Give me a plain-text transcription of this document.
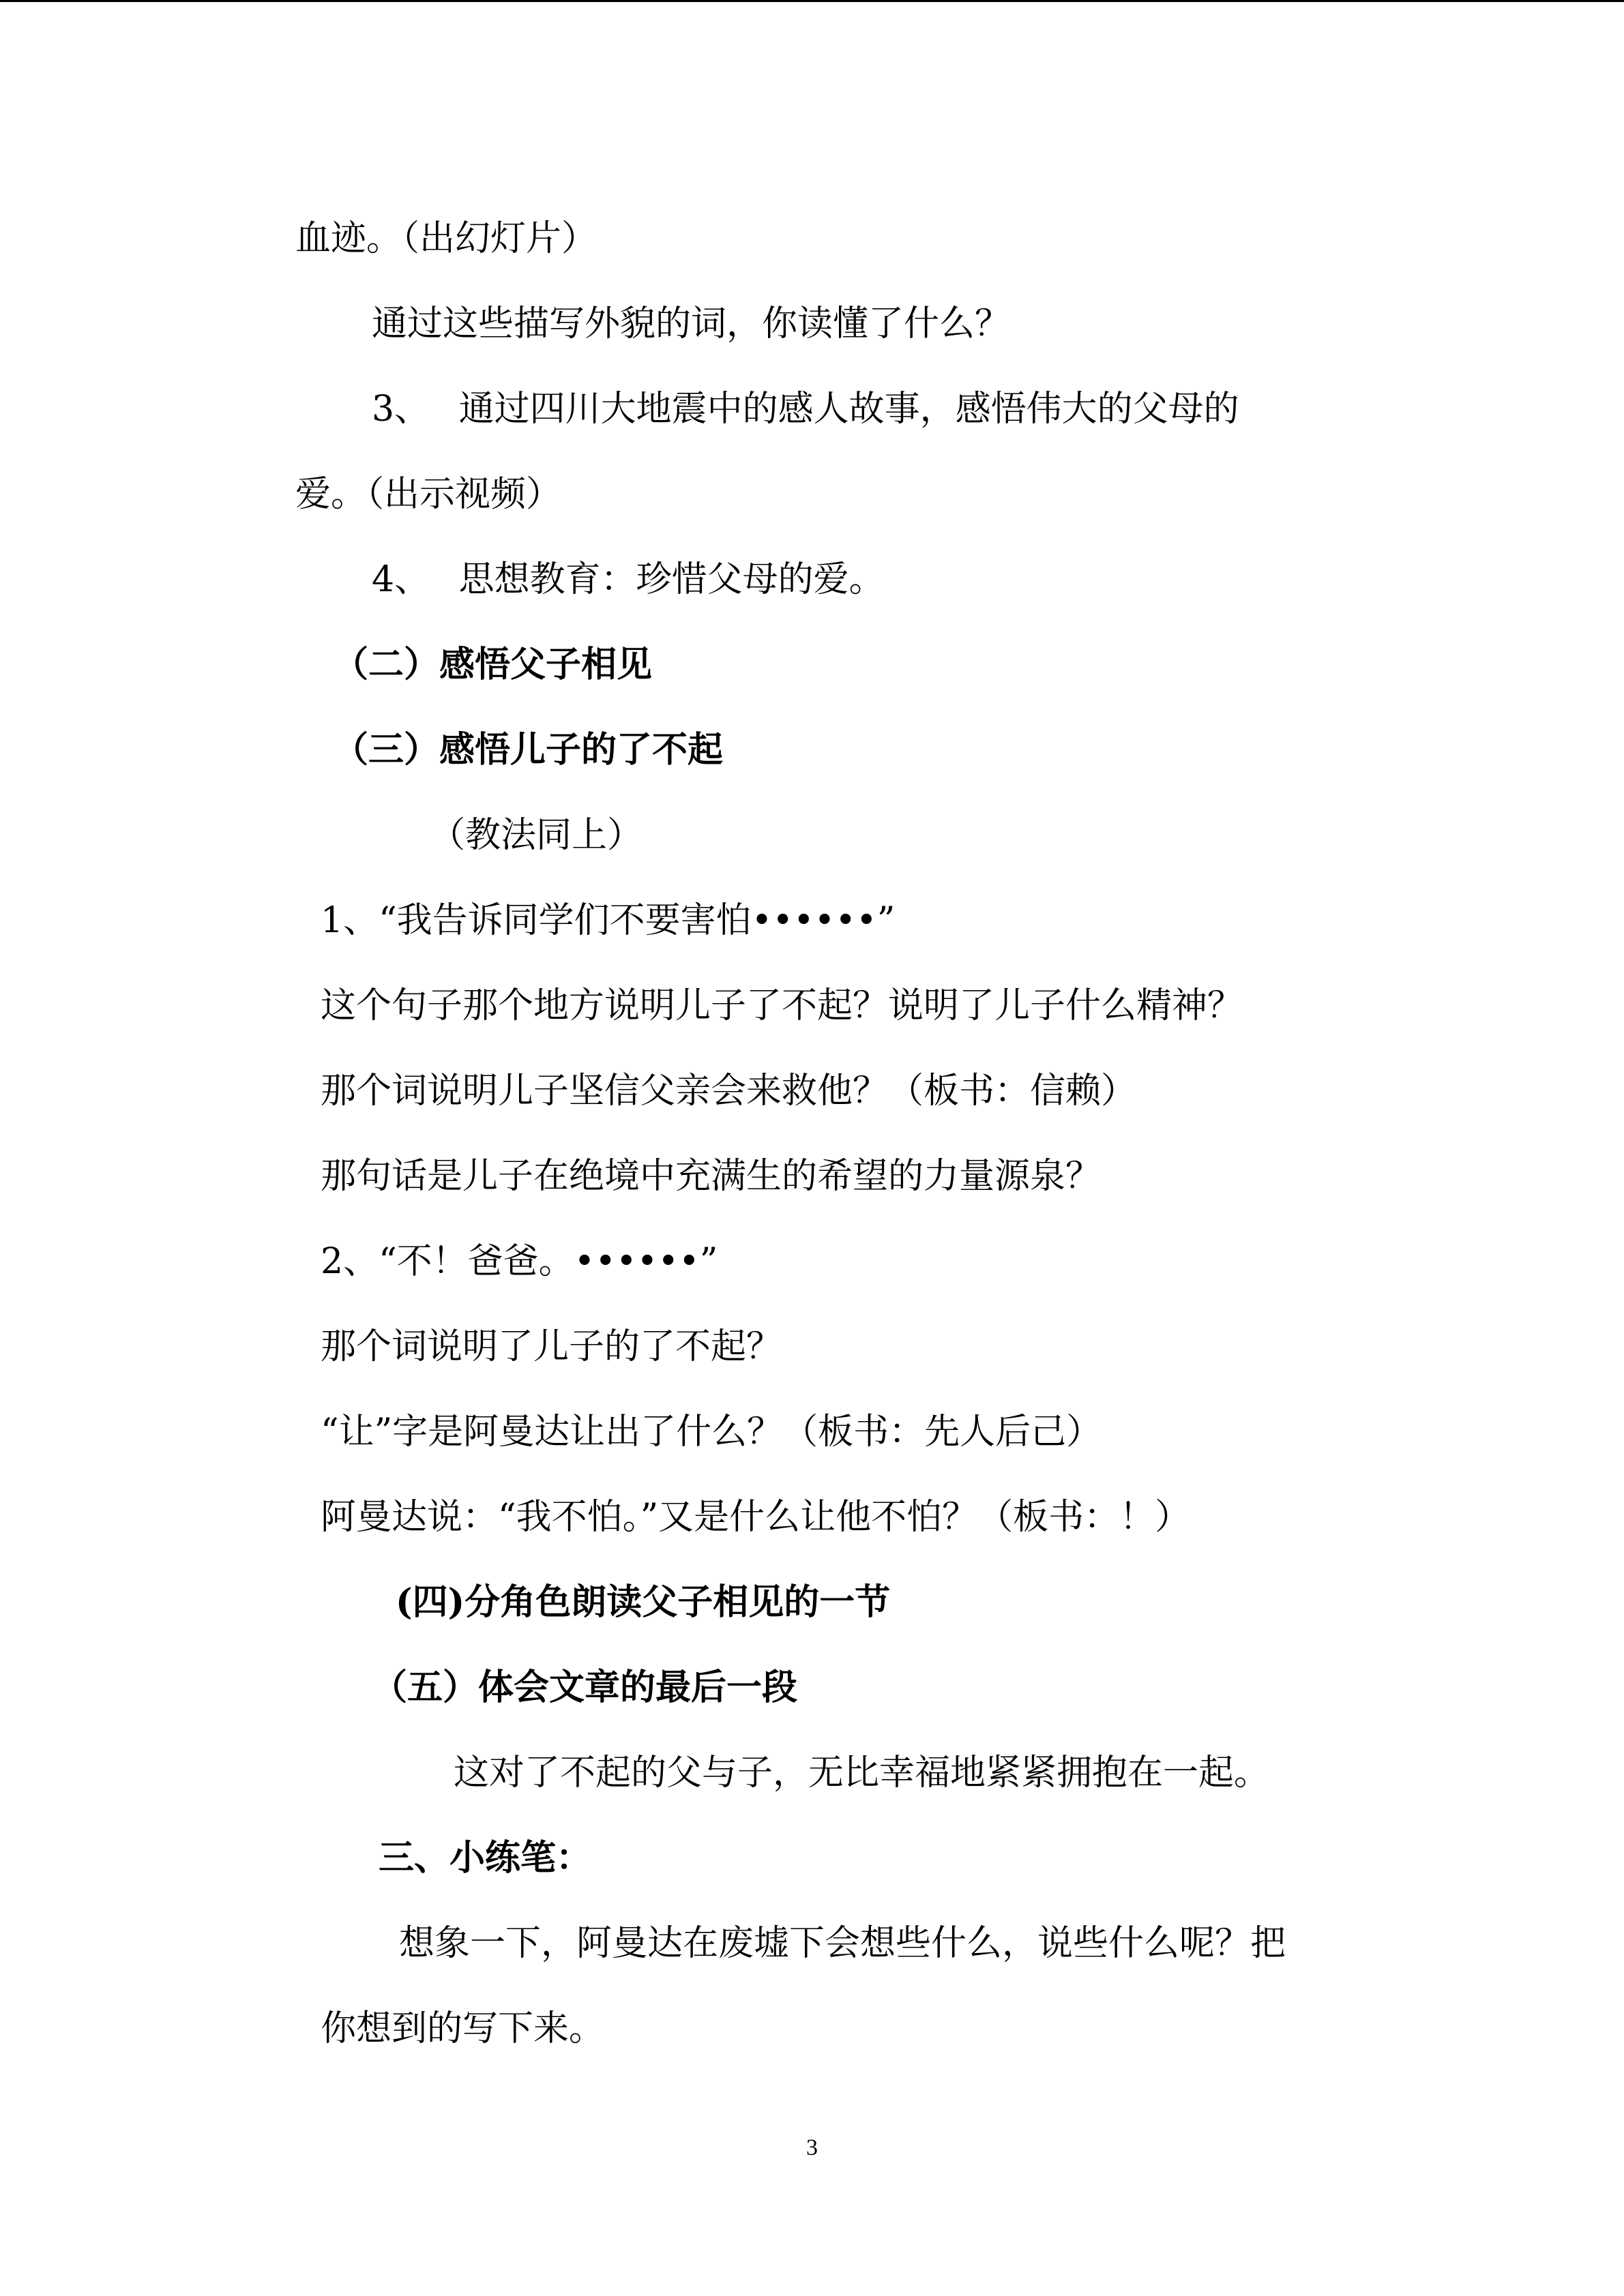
血迹。（出幻灯片）
通过这些描写外貌的词，你读懂了什么？
3、　 通过四川大地震中的感人故事，感悟伟大的父母的
爱。（出示视频）
4、　 思想教育：珍惜父母的爱。
（二）感悟父子相见
（三）感悟儿子的了不起
（教法同上）
1、“我告诉同学们不要害怕••••••”
这个句子那个地方说明儿子了不起？说明了儿子什么精神？
那个词说明儿子坚信父亲会来救他？（板书：信赖）
那句话是儿子在绝境中充满生的希望的力量源泉？
2、“不！爸爸。••••••”
那个词说明了儿子的了不起？
“让”字是阿曼达让出了什么？（板书：先人后己）
阿曼达说：“我不怕。”又是什么让他不怕？（板书：！）
(四)分角色朗读父子相见的一节
（五）体会文章的最后一段
这对了不起的父与子，无比幸福地紧紧拥抱在一起。
三、小练笔：
想象一下，阿曼达在废墟下会想些什么，说些什么呢？把
你想到的写下来。
3
